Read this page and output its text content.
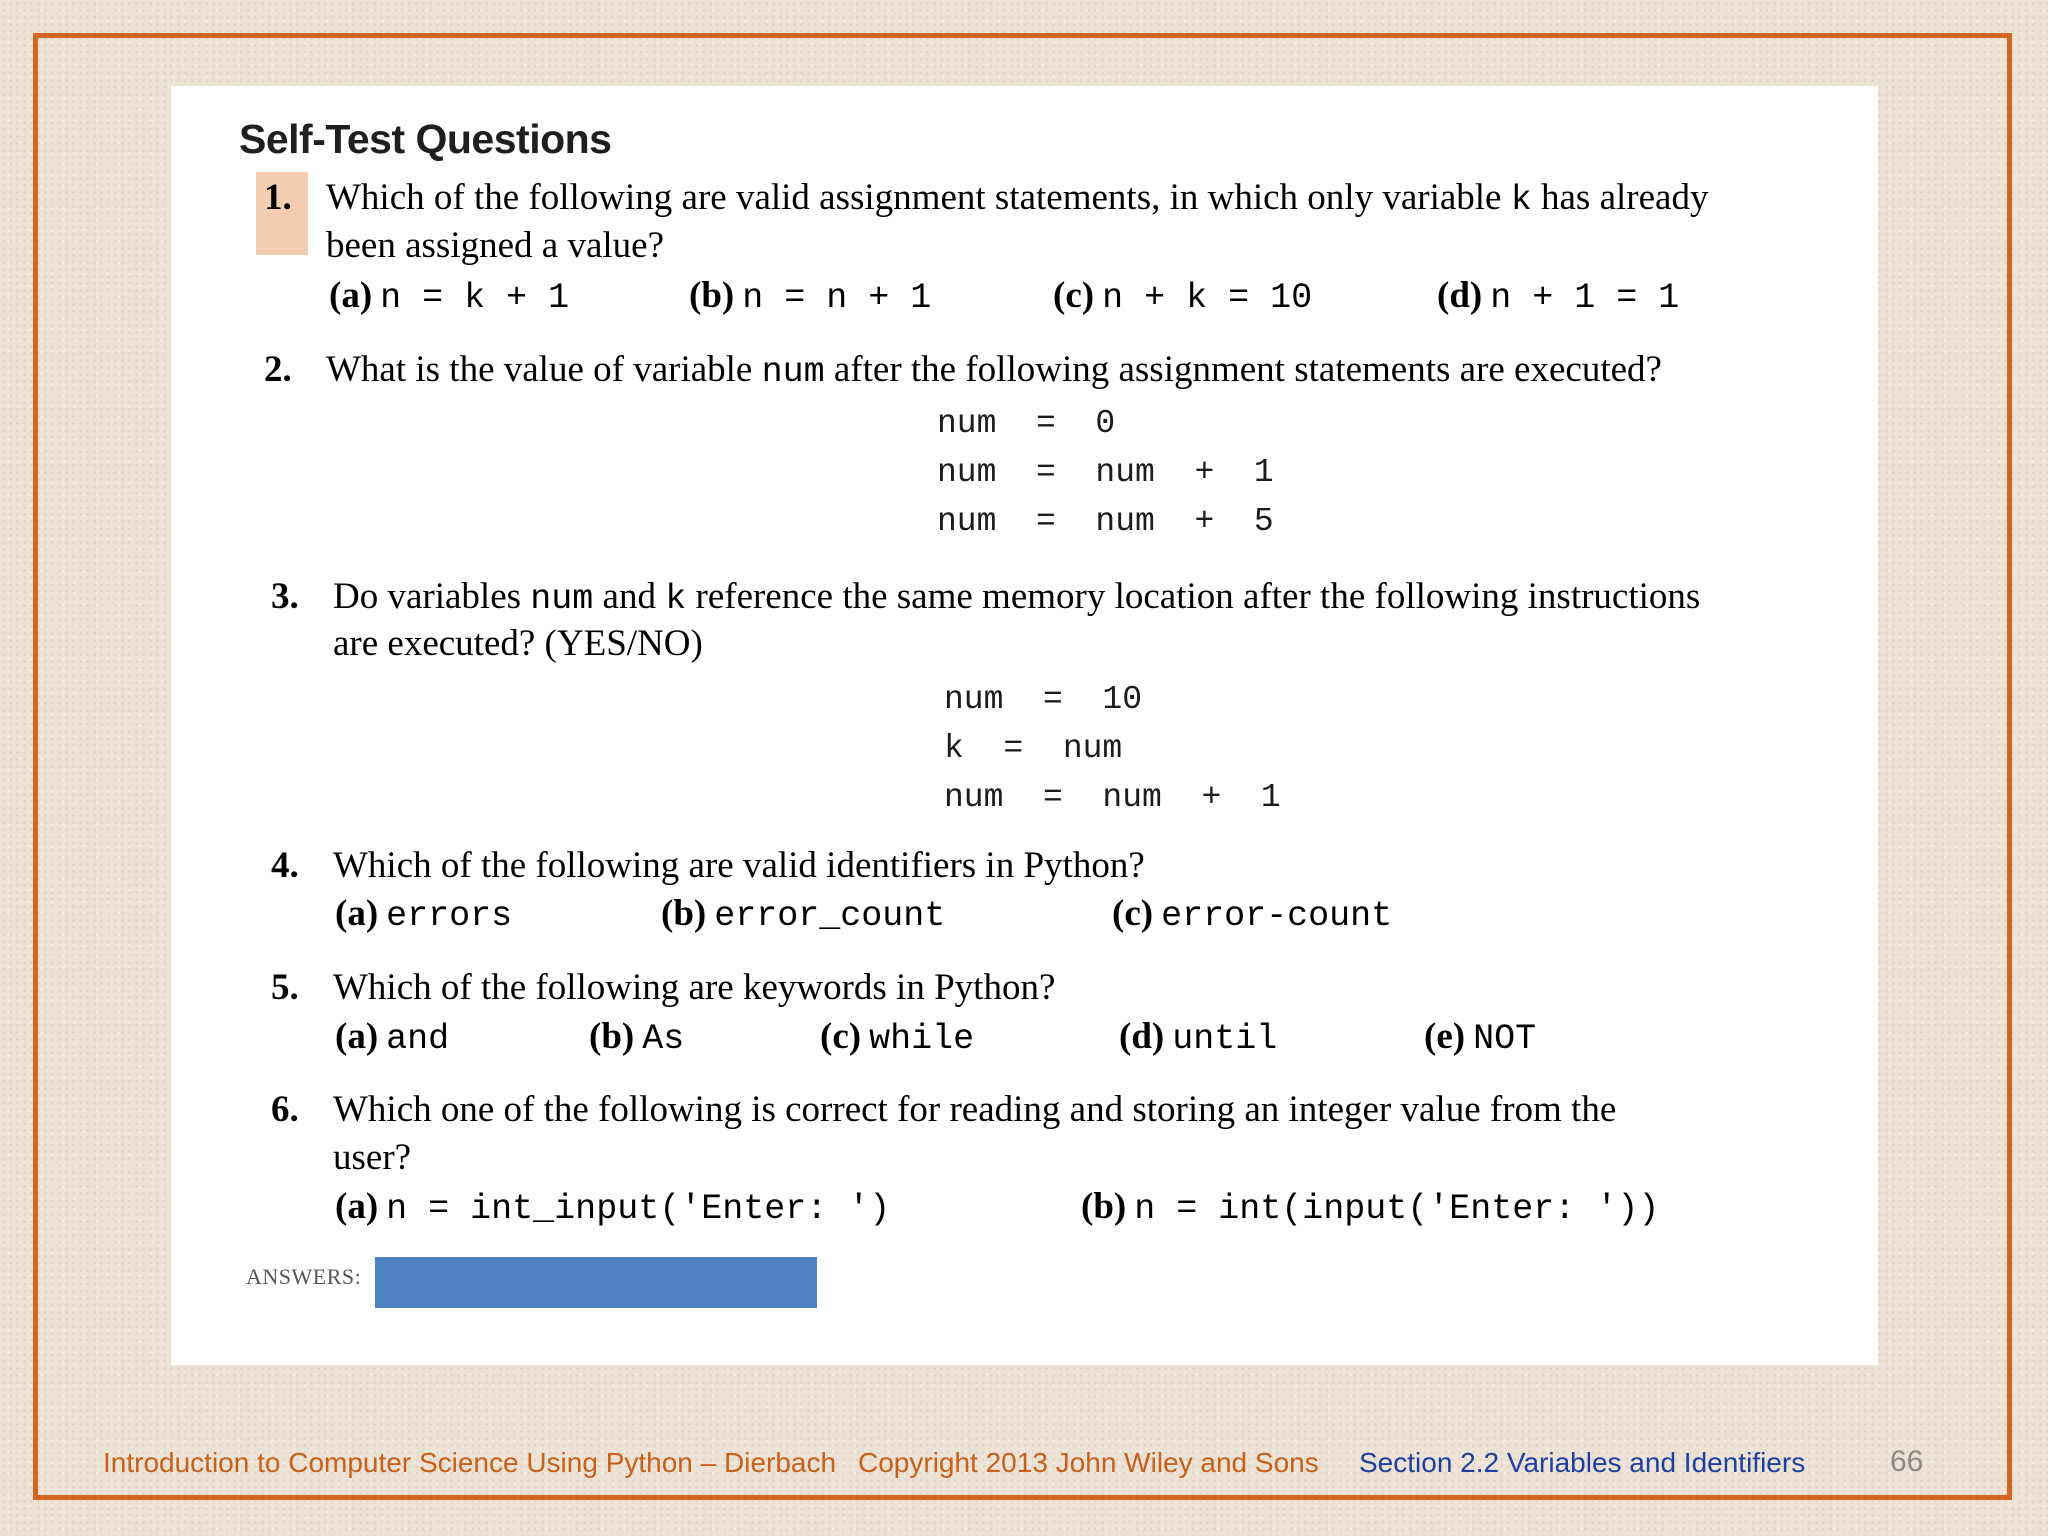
Self-Test Questions
1. Which of the following are valid assignment statements, in which only variable k has already
been assigned a value?
(a) n = k + 1	(b) n = n + 1	(c) n + k = 10	(d) n + 1 = 1
2. What is the value of variable num after the following assignment statements are executed?
num  =  0
num  =  num  +  1
num  =  num  +  5
3. Do variables num and k reference the same memory location after the following instructions
are executed? (YES/NO)
num  =  10
k  =  num
num  =  num  +  1
4. Which of the following are valid identifiers in Python?
(a) errors	(b) error_count	(c) error-count
5. Which of the following are keywords in Python?
(a) and	(b) As	(c) while	(d) until	(e) NOT
6. Which one of the following is correct for reading and storing an integer value from the
user?
(a) n = int_input('Enter: ')	(b) n = int(input('Enter: '))
ANSWERS:
Introduction to Computer Science Using Python – Dierbach Copyright 2013 John Wiley and Sons Section 2.2 Variables and Identifiers	66
